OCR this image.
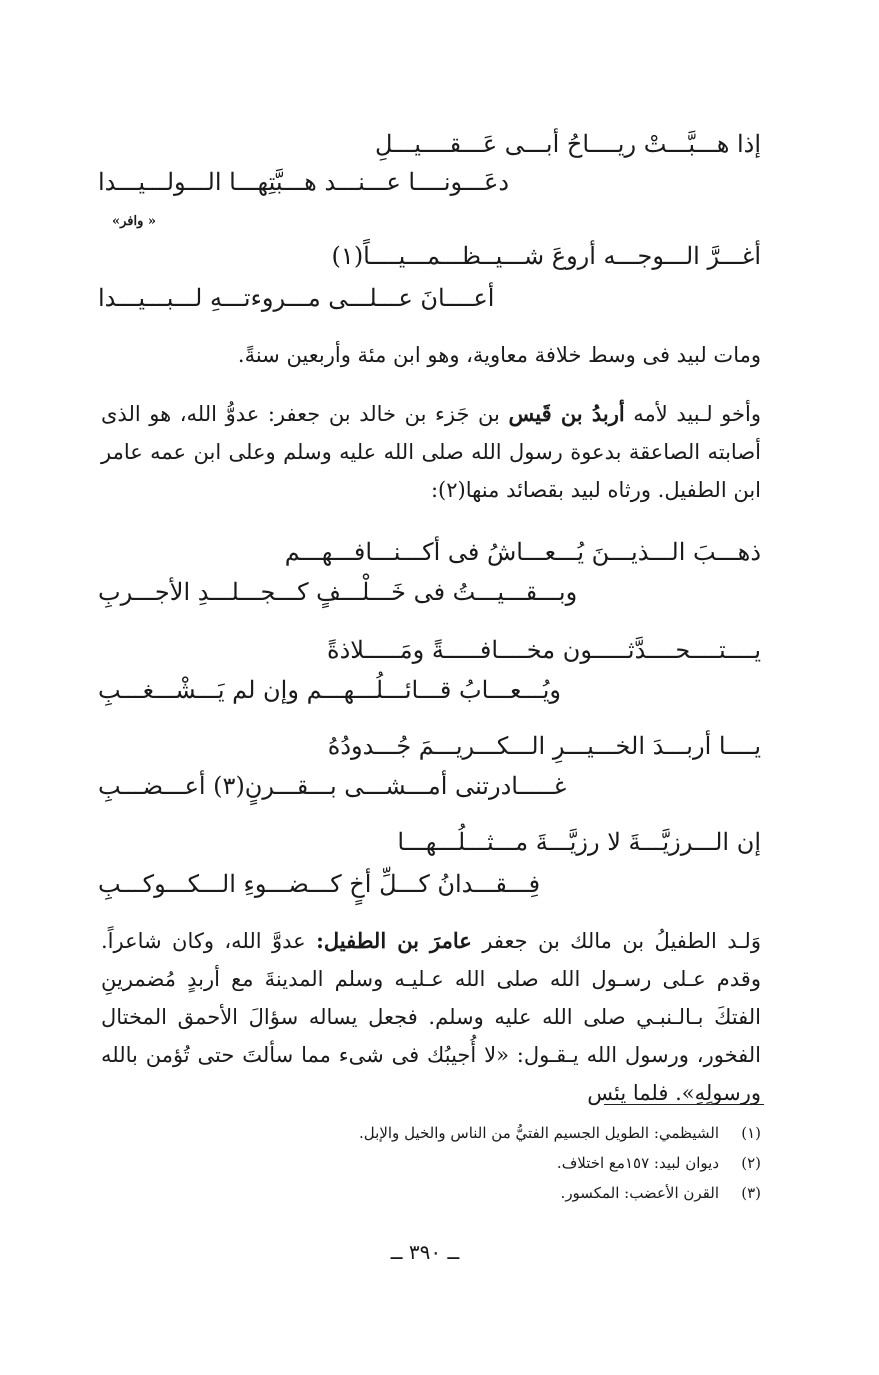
إذا هـــبَّـــتْ ريــــاحُ أبـــى عَـــقــــيـــلِ
دعَـــونــــا عـــنـــد هـــبَّتِهـــا الـــولـــيـــدا
« وافر»
أغـــرَّ الـــوجـــه أروعَ شـــيــظـــمـــيــــاً(١)
أعــــانَ عـــلـــى مـــروءتـــهِ لـــبـــيـــدا
ومات لبيد فى وسط خلافة معاوية، وهو ابن مئة وأربعين سنةً.
وأخو لـبيد لأمه أربدُ بن قَيس بن جَزء بن خالد بن جعفر: عدوُّ الله، هو الذى أصابته الصاعقة بدعوة رسول الله صلى الله عليه وسلم وعلى ابن عمه عامر ابن الطفيل. ورثاه لبيد بقصائد منها(٢):
ذهـــبَ الـــذيـــنَ يُـــعـــاشُ فى أكـــنـــافـــهـــم
وبـــقـــيـــتُ فى خَـــلْـــفٍ كـــجـــلـــدِ الأجـــربِ
يــــتــــحــــدَّثـــــون مخــــافـــــةً ومَـــــلاذةً
ويُـــعـــابُ قـــائـــلُـــهـــم وإن لم يَـــشْـــغـــبِ
يــــا أربـــدَ الخـــيـــرِ الـــكـــريـــمَ جُـــدودُهُ
غـــــادرتنى أمـــشـــى بـــقـــرنٍ(٣) أعـــضـــبِ
إن الـــرزيَّـــةَ لا رزيَّـــةَ مـــثـــلُـــهـــا
فِـــقـــدانُ كـــلِّ أخٍ كـــضـــوءِ الـــكـــوكـــبِ
وَلـد الطفيلُ بن مالك بن جعفر عامرَ بن الطفيل: عدوَّ الله، وكان شاعراً. وقدم عـلى رسـول الله صلى الله عـليـه وسلم المدينةَ مع أربدٍ مُضمرينِ الفتكَ بـالـنبـي صلى الله عليه وسلم. فجعل يساله سؤالَ الأحمق المختال الفخور، ورسول الله يـقـول: «لا أُجيبُك فى شىء مما سألتَ حتى تُؤمن بالله ورسولِهِ». فلما يئس
(١)الشيظمي: الطويل الجسيم الفتيُّ من الناس والخيل والإبل.
(٢)ديوان لبيد: ١٥٧مع اختلاف.
(٣)القرن الأعضب: المكسور.
ــ ٣٩٠ ــ
